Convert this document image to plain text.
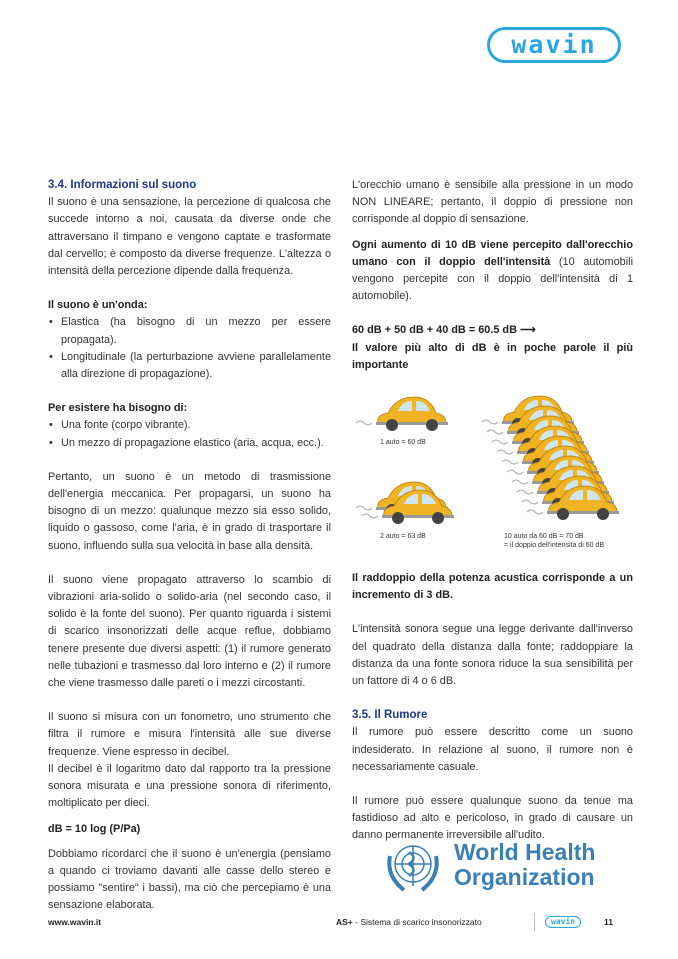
wavin

3.4. Informazioni sul suono

Il suono è una sensazione, la percezione di qualcosa che succede intorno a noi, causata da diverse onde che attraversano il timpano e vengono captate e trasformate dal cervello; è composto da diverse frequenze. L'altezza o intensità della percezione dipende dalla frequenza.

Il suono è un'onda:

• Elastica (ha bisogno di un mezzo per essere propagata).
• Longitudinale (la perturbazione avviene parallelamente alla direzione di propagazione).

Per esistere ha bisogno di:

• Una fonte (corpo vibrante).
• Un mezzo di propagazione elastico (aria, acqua, ecc.).

Pertanto, un suono è un metodo di trasmissione dell'energia meccanica. Per propagarsi, un suono ha bisogno di un mezzo: qualunque mezzo sia esso solido, liquido o gassoso, come l'aria, è in grado di trasportare il suono, influendo sulla sua velocità in base alla densità.

Il suono viene propagato attraverso lo scambio di vibrazioni aria-solido o solido-aria (nel secondo caso, il solido è la fonte del suono). Per quanto riguarda i sistemi di scarico insonorizzati delle acque reflue, dobbiamo tenere presente due diversi aspetti: (1) il rumore generato nelle tubazioni e trasmesso dal loro interno e (2) il rumore che viene trasmesso dalle pareti o i mezzi circostanti.

Il suono si misura con un fonometro, uno strumento che filtra il rumore e misura l'intensità alle sue diverse frequenze. Viene espresso in decibel.

Il decibel è il logaritmo dato dal rapporto tra la pressione sonora misurata e una pressione sonora di riferimento, moltiplicato per dieci.

dB = 10 log (P/Pa)

Dobbiamo ricordarci che il suono è un'energia (pensiamo a quando ci troviamo davanti alle casse dello stereo e possiamo "sentire" i bassi), ma ciò che percepiamo è una sensazione elaborata.

L'orecchio umano è sensibile alla pressione in un modo NON LINEARE; pertanto, il doppio di pressione non corrisponde al doppio di sensazione.

Ogni aumento di 10 dB viene percepito dall'orecchio umano con il doppio dell'intensità (10 automobili vengono percepite con il doppio dell'intensità di 1 automobile).

60 dB + 50 dB + 40 dB = 60.5 dB ⟶

Il valore più alto di dB è in poche parole il più importante

1 auto = 60 dB
2 auto = 63 dB	10 auto da 60 dB = 70 dB
= il doppio dell'intensità di 60 dB

Il raddoppio della potenza acustica corrisponde a un incremento di 3 dB.

L'intensità sonora segue una legge derivante dall'inverso del quadrato della distanza dalla fonte; raddoppiare la distanza da una fonte sonora riduce la sua sensibilità per un fattore di 4 o 6 dB.

3.5. Il Rumore

Il rumore può essere descritto come un suono indesiderato. In relazione al suono, il rumore non è necessariamente casuale.

Il rumore può essere qualunque suono da tenue ma fastidioso ad alto e pericoloso, in grado di causare un danno permanente irreversibile all'udito.

World Health
Organization
www.wavin.it	AS+ - Sistema di scarico insonorizzato	wavin	11
